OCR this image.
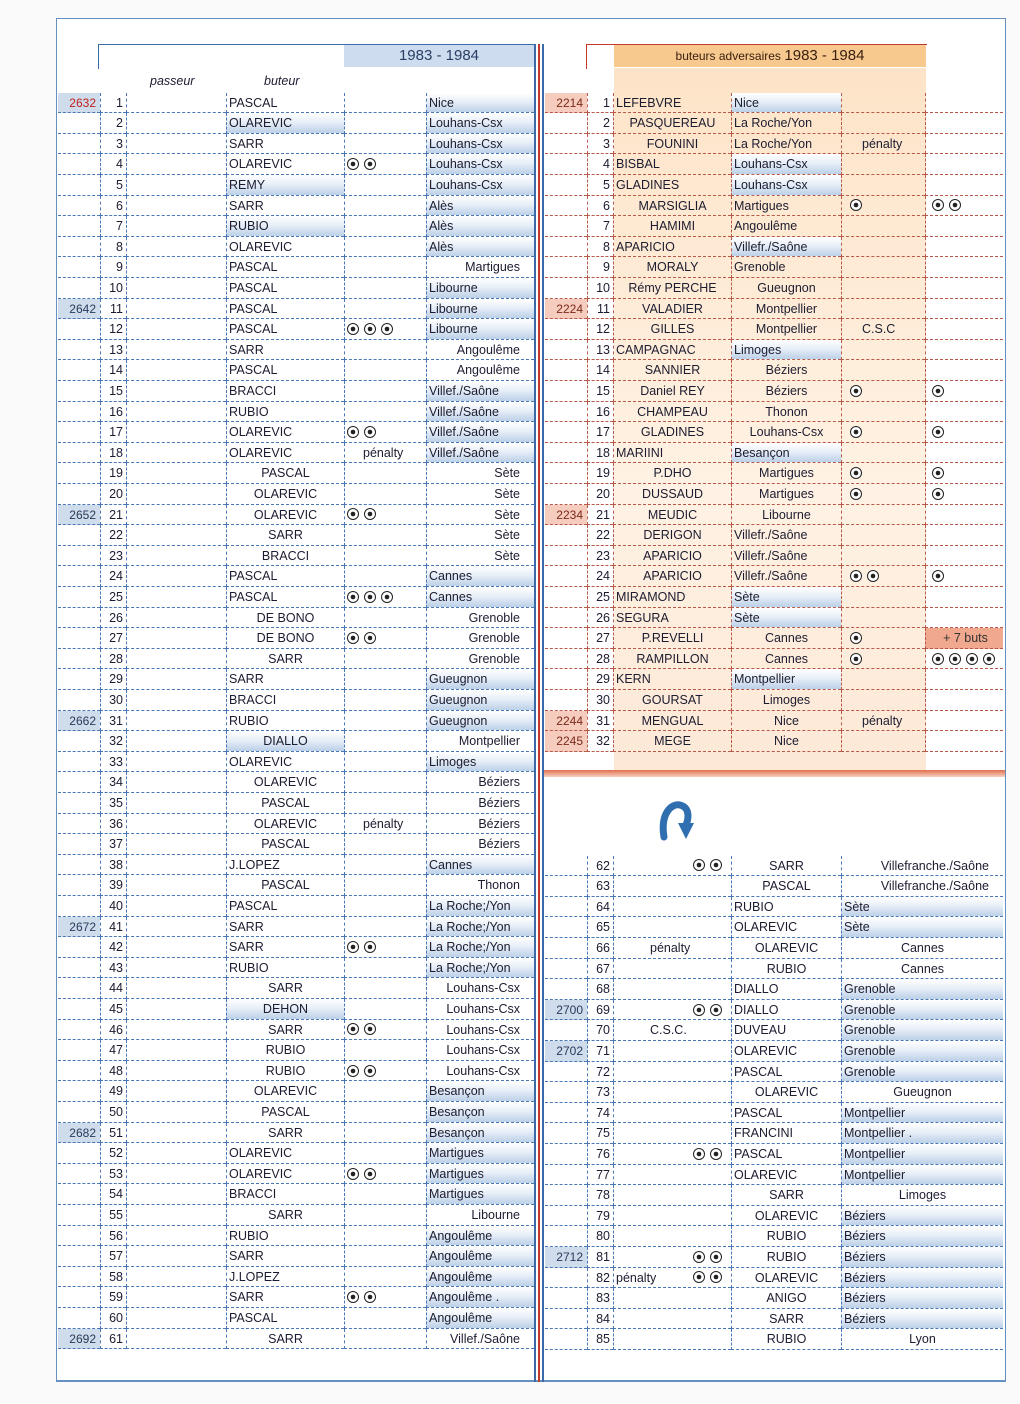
1983 - 1984
passeur	buteur
buteurs adversaires 1983 - 1984
2632	1	PASCAL	Nice
2	OLAREVIC	Louhans-Csx
3	SARR	Louhans-Csx
4	OLAREVIC	Louhans-Csx
5	REMY	Louhans-Csx
6	SARR	Alès
7	RUBIO	Alès
8	OLAREVIC	Alès
9	PASCAL	Martigues
10	PASCAL	Libourne
2642	11	PASCAL	Libourne
12	PASCAL	Libourne
13	SARR	Angoulême
14	PASCAL	Angoulême
15	BRACCI	Villef./Saône
16	RUBIO	Villef./Saône
17	OLAREVIC	Villef./Saône
18	OLAREVIC	pénalty	Villef./Saône
19	PASCAL	Sète
20	OLAREVIC	Sète
2652	21	OLAREVIC	Sète
22	SARR	Sète
23	BRACCI	Sète
24	PASCAL	Cannes
25	PASCAL	Cannes
26	DE BONO	Grenoble
27	DE BONO	Grenoble
28	SARR	Grenoble
29	SARR	Gueugnon
30	BRACCI	Gueugnon
2662	31	RUBIO	Gueugnon
32	DIALLO	Montpellier
33	OLAREVIC	Limoges
34	OLAREVIC	Béziers
35	PASCAL	Béziers
36	OLAREVIC	pénalty	Béziers
37	PASCAL	Béziers
38	J.LOPEZ	Cannes
39	PASCAL	Thonon
40	PASCAL	La Roche;/Yon
2672	41	SARR	La Roche;/Yon
42	SARR	La Roche;/Yon
43	RUBIO	La Roche;/Yon
44	SARR	Louhans-Csx
45	DEHON	Louhans-Csx
46	SARR	Louhans-Csx
47	RUBIO	Louhans-Csx
48	RUBIO	Louhans-Csx
49	OLAREVIC	Besançon
50	PASCAL	Besançon
2682	51	SARR	Besançon
52	OLAREVIC	Martigues
53	OLAREVIC	Martigues
54	BRACCI	Martigues
55	SARR	Libourne
56	RUBIO	Angoulême
57	SARR	Angoulême
58	J.LOPEZ	Angoulême
59	SARR	Angoulême .
60	PASCAL	Angoulême
2692	61	SARR	Villef./Saône
2214	1 LEFEBVRE	Nice
2	PASQUEREAU	La Roche/Yon
3	FOUNINI	La Roche/Yon	pénalty
4 BISBAL	Louhans-Csx
5 GLADINES	Louhans-Csx
6	MARSIGLIA	Martigues
7	HAMIMI	Angoulême
8 APARICIO	Villefr./Saône
9	MORALY	Grenoble
10	Rémy PERCHE	Gueugnon
2224	11	VALADIER	Montpellier
12	GILLES	Montpellier	C.S.C
13 CAMPAGNAC	Limoges
14	SANNIER	Béziers
15	Daniel REY	Béziers
16	CHAMPEAU	Thonon
17	GLADINES	Louhans-Csx
18 MARIINI	Besançon
19	P.DHO	Martigues
20	DUSSAUD	Martigues
2234	21	MEUDIC	Libourne
22	DERIGON	Villefr./Saône
23	APARICIO	Villefr./Saône
24	APARICIO	Villefr./Saône
25 MIRAMOND	Sète
26 SEGURA	Sète
27	P.REVELLI	Cannes	+ 7 buts
28	RAMPILLON	Cannes
29 KERN	Montpellier
30	GOURSAT	Limoges
2244	31	MENGUAL	Nice	pénalty
2245	32	MEGE	Nice
62	SARR	Villefranche./Saône
63	PASCAL	Villefranche./Saône
64	RUBIO	Sète
65	OLAREVIC	Sète
66	pénalty	OLAREVIC	Cannes
67	RUBIO	Cannes
68	DIALLO	Grenoble
2700	69	DIALLO	Grenoble
70	C.S.C.	DUVEAU	Grenoble
2702	71	OLAREVIC	Grenoble
72	PASCAL	Grenoble
73	OLAREVIC	Gueugnon
74	PASCAL	Montpellier
75	FRANCINI	Montpellier .
76	PASCAL	Montpellier
77	OLAREVIC	Montpellier
78	SARR	Limoges
79	OLAREVIC	Béziers
80	RUBIO	Béziers
2712	81	RUBIO	Béziers
82 pénalty	OLAREVIC	Béziers
83	ANIGO	Béziers
84	SARR	Béziers
85	RUBIO	Lyon
